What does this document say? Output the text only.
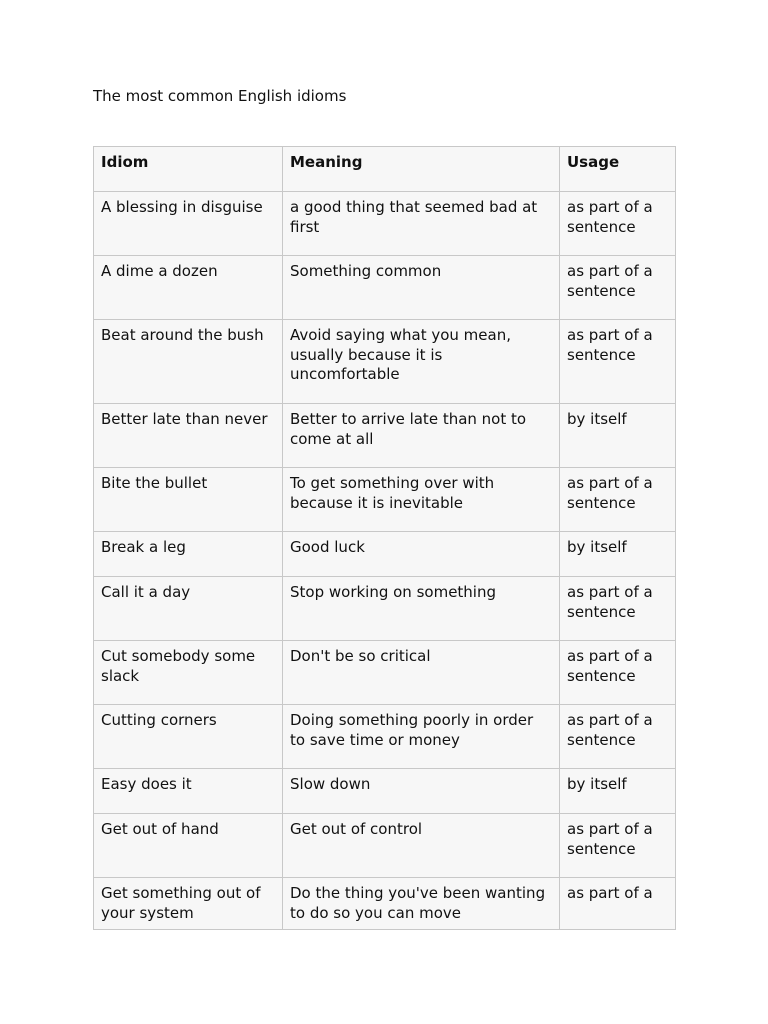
The most common English idioms

Idiom	Meaning	Usage
A blessing in disguise	a good thing that seemed bad at first	as part of a sentence
A dime a dozen	Something common	as part of a sentence
Beat around the bush	Avoid saying what you mean, usually because it is uncomfortable	as part of a sentence
Better late than never	Better to arrive late than not to come at all	by itself
Bite the bullet	To get something over with because it is inevitable	as part of a sentence
Break a leg	Good luck	by itself
Call it a day	Stop working on something	as part of a sentence
Cut somebody some slack	Don't be so critical	as part of a sentence
Cutting corners	Doing something poorly in order to save time or money	as part of a sentence
Easy does it	Slow down	by itself
Get out of hand	Get out of control	as part of a sentence
Get something out of your system	Do the thing you've been wanting to do so you can move	as part of a
